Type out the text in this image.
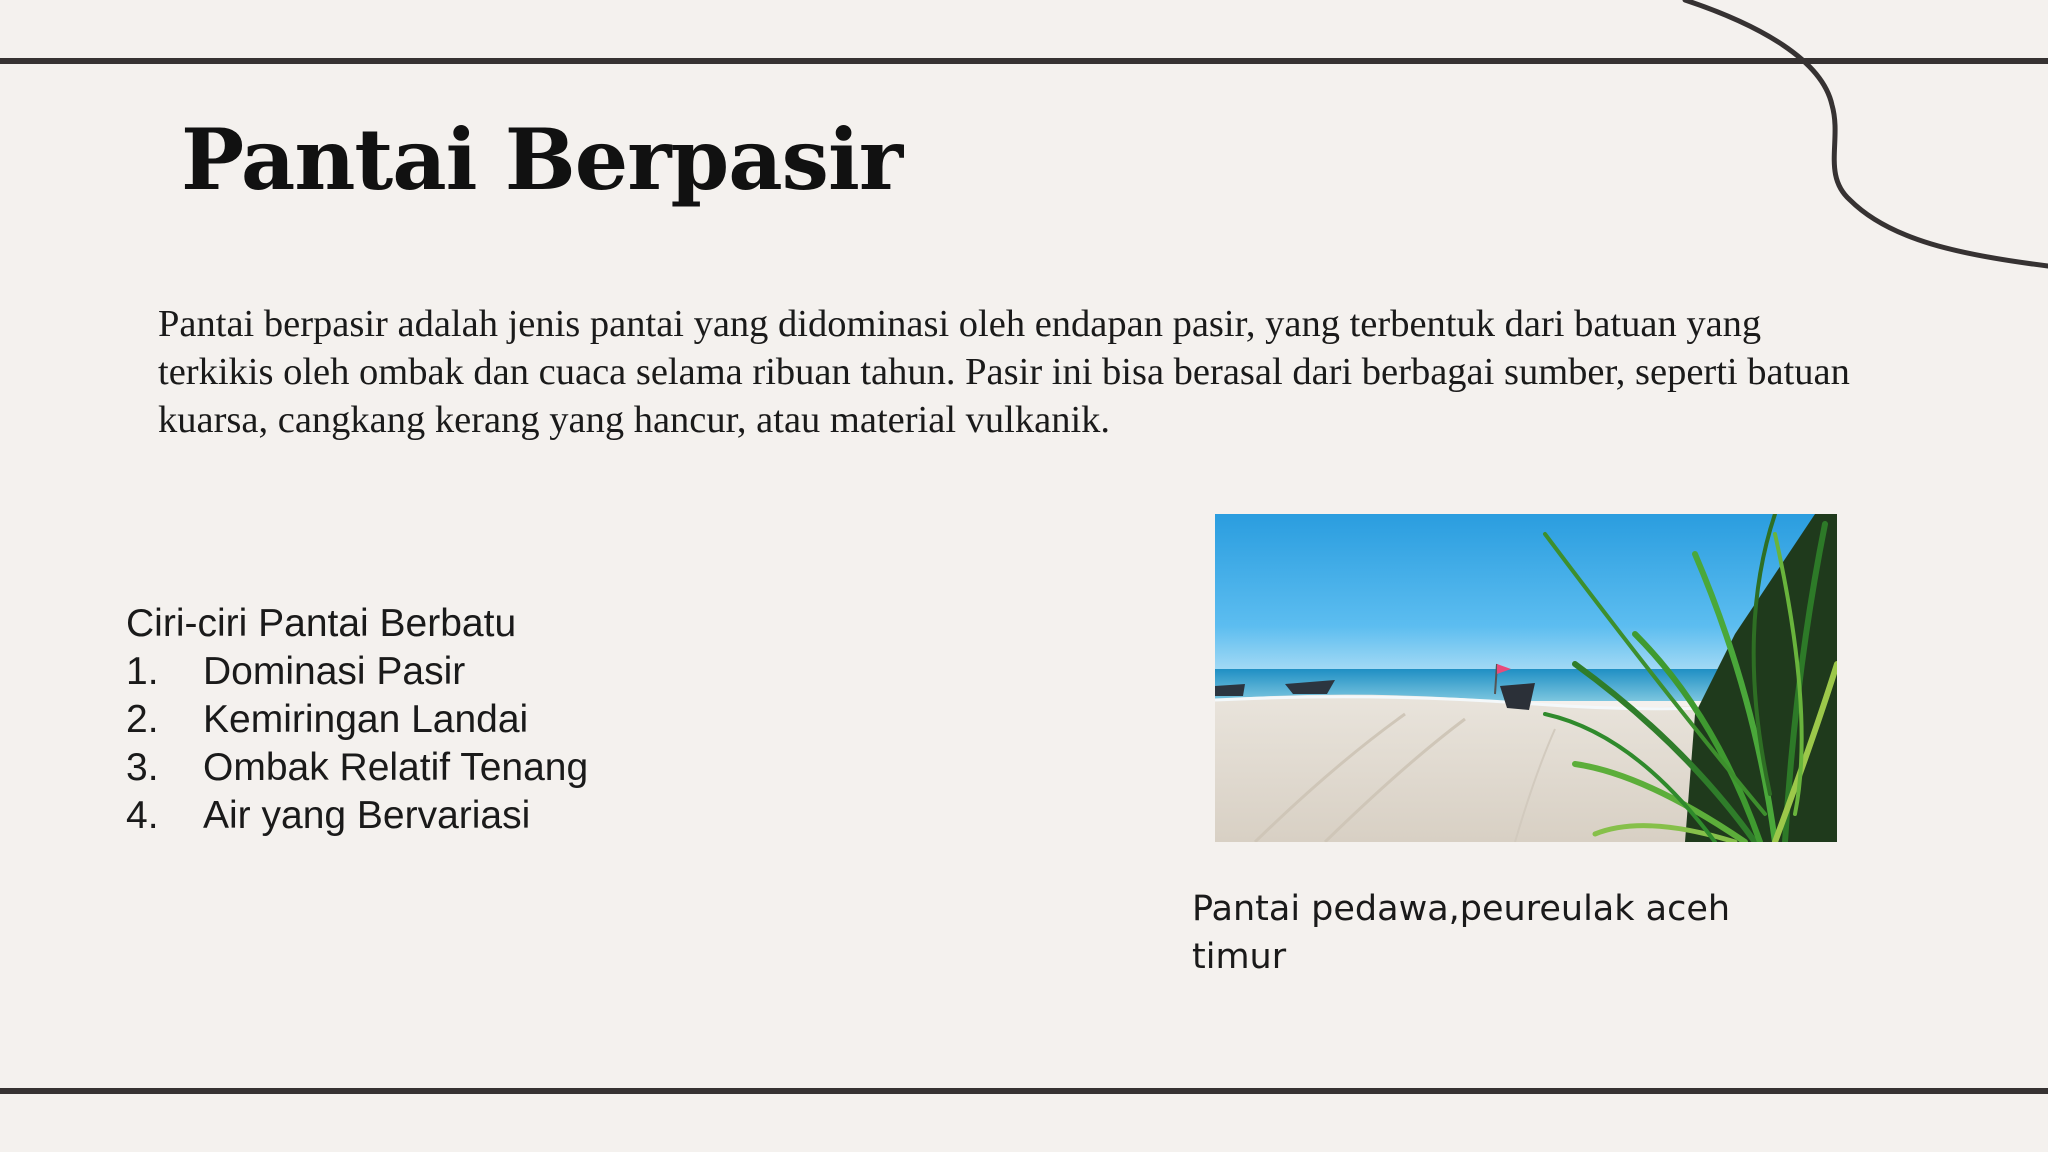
Pantai Berpasir

Pantai berpasir adalah jenis pantai yang didominasi oleh endapan pasir, yang terbentuk dari batuan yang terkikis oleh ombak dan cuaca selama ribuan tahun. Pasir ini bisa berasal dari berbagai sumber, seperti batuan kuarsa, cangkang kerang yang hancur, atau material vulkanik.

Ciri-ciri Pantai Berbatu
1.	Dominasi Pasir
2.	Kemiringan Landai
3.	Ombak Relatif Tenang
4.	Air yang Bervariasi

Pantai pedawa,peureulak aceh timur
